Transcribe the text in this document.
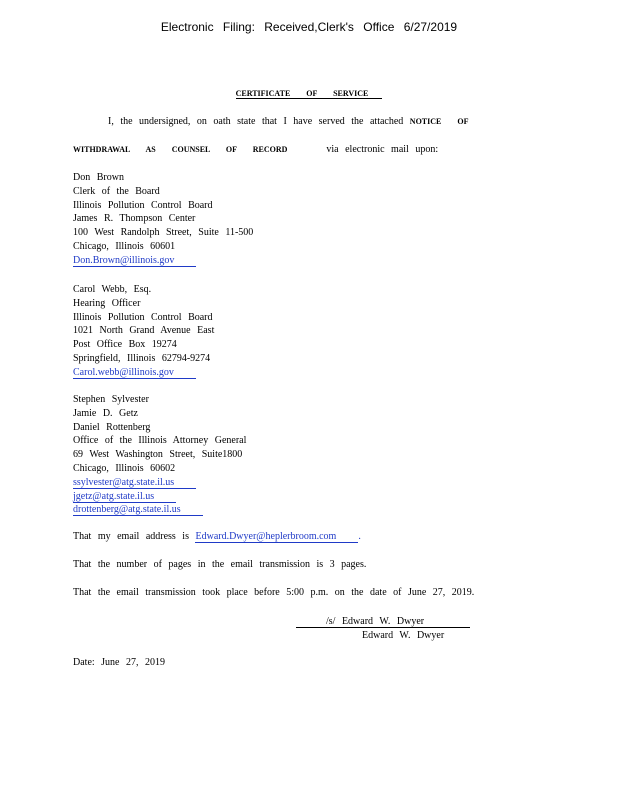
Electronic Filing: Received,Clerk's Office 6/27/2019
CERTIFICATE OF SERVICE
I, the undersigned, on oath state that I have served the attached NOTICE OF
WITHDRAWAL AS COUNSEL OF RECORD	via electronic mail upon:
Don Brown
Clerk of the Board
Illinois Pollution Control Board
James R. Thompson Center
100 West Randolph Street, Suite 11-500
Chicago, Illinois 60601
Don.Brown@illinois.gov
Carol Webb, Esq.
Hearing Officer
Illinois Pollution Control Board
1021 North Grand Avenue East
Post Office Box 19274
Springfield, Illinois 62794-9274
Carol.webb@illinois.gov
Stephen Sylvester
Jamie D. Getz
Daniel Rottenberg
Office of the Illinois Attorney General
69 West Washington Street, Suite1800
Chicago, Illinois 60602
ssylvester@atg.state.il.us
jgetz@atg.state.il.us
drottenberg@atg.state.il.us
That my email address is Edward.Dwyer@heplerbroom.com .
That the number of pages in the email transmission is 3 pages.
That the email transmission took place before 5:00 p.m. on the date of June 27, 2019.
/s/ Edward W. Dwyer
Edward W. Dwyer
Date: June 27, 2019
